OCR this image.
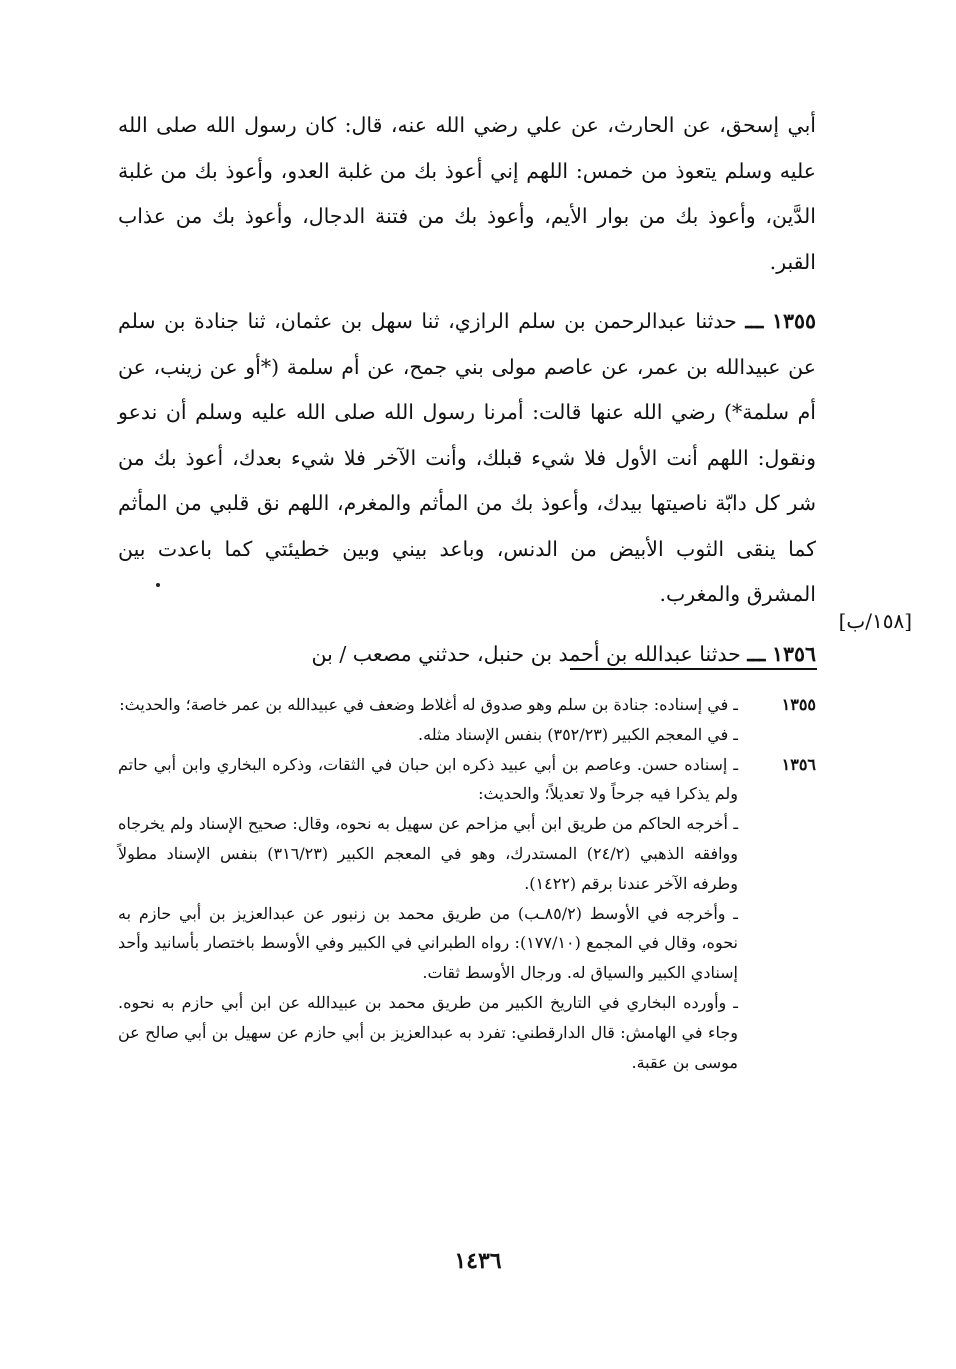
أبي إسحق، عن الحارث، عن علي رضي الله عنه، قال: كان رسول الله صلى الله عليه وسلم يتعوذ من خمس: اللهم إني أعوذ بك من غلبة العدو، وأعوذ بك من غلبة الدَّين، وأعوذ بك من بوار الأيم، وأعوذ بك من فتنة الدجال، وأعوذ بك من عذاب القبر.

١٣٥٥ ـــ حدثنا عبدالرحمن بن سلم الرازي، ثنا سهل بن عثمان، ثنا جنادة بن سلم عن عبيدالله بن عمر، عن عاصم مولى بني جمح، عن أم سلمة (*أو عن زينب، عن أم سلمة*) رضي الله عنها قالت: أمرنا رسول الله صلى الله عليه وسلم أن ندعو ونقول: اللهم أنت الأول فلا شيء قبلك، وأنت الآخر فلا شيء بعدك، أعوذ بك من شر كل دابّة ناصيتها بيدك، وأعوذ بك من المأثم والمغرم، اللهم نق قلبي من المأثم كما ينقى الثوب الأبيض من الدنس، وباعد بيني وبين خطيئتي كما باعدت بين المشرق والمغرب.

١٣٥٦ ـــ حدثنا عبدالله بن أحمد بن حنبل، حدثني مصعب / بن

[١٥٨/ب]
١٣٥٥

ـ في إسناده: جنادة بن سلم وهو صدوق له أغلاط وضعف في عبيدالله بن عمر خاصة؛ والحديث:

ـ في المعجم الكبير (٣٥٢/٢٣) بنفس الإسناد مثله.

١٣٥٦

ـ إسناده حسن. وعاصم بن أبي عبيد ذكره ابن حبان في الثقات، وذكره البخاري وابن أبي حاتم ولم يذكرا فيه جرحاً ولا تعديلاً؛ والحديث:

ـ أخرجه الحاكم من طريق ابن أبي مزاحم عن سهيل به نحوه، وقال: صحيح الإسناد ولم يخرجاه ووافقه الذهبي (٢٤/٢) المستدرك، وهو في المعجم الكبير (٣١٦/٢٣) بنفس الإسناد مطولاً وطرفه الآخر عندنا برقم (١٤٢٢).

ـ وأخرجه في الأوسط (٨٥/٢ـب) من طريق محمد بن زنبور عن عبدالعزيز بن أبي حازم به نحوه، وقال في المجمع (١٧٧/١٠): رواه الطبراني في الكبير وفي الأوسط باختصار بأسانيد وأحد إسنادي الكبير والسياق له. ورجال الأوسط ثقات.

ـ وأورده البخاري في التاريخ الكبير من طريق محمد بن عبيدالله عن ابن أبي حازم به نحوه. وجاء في الهامش: قال الدارقطني: تفرد به عبدالعزيز بن أبي حازم عن سهيل بن أبي صالح عن موسى بن عقبة.

١٤٣٦
